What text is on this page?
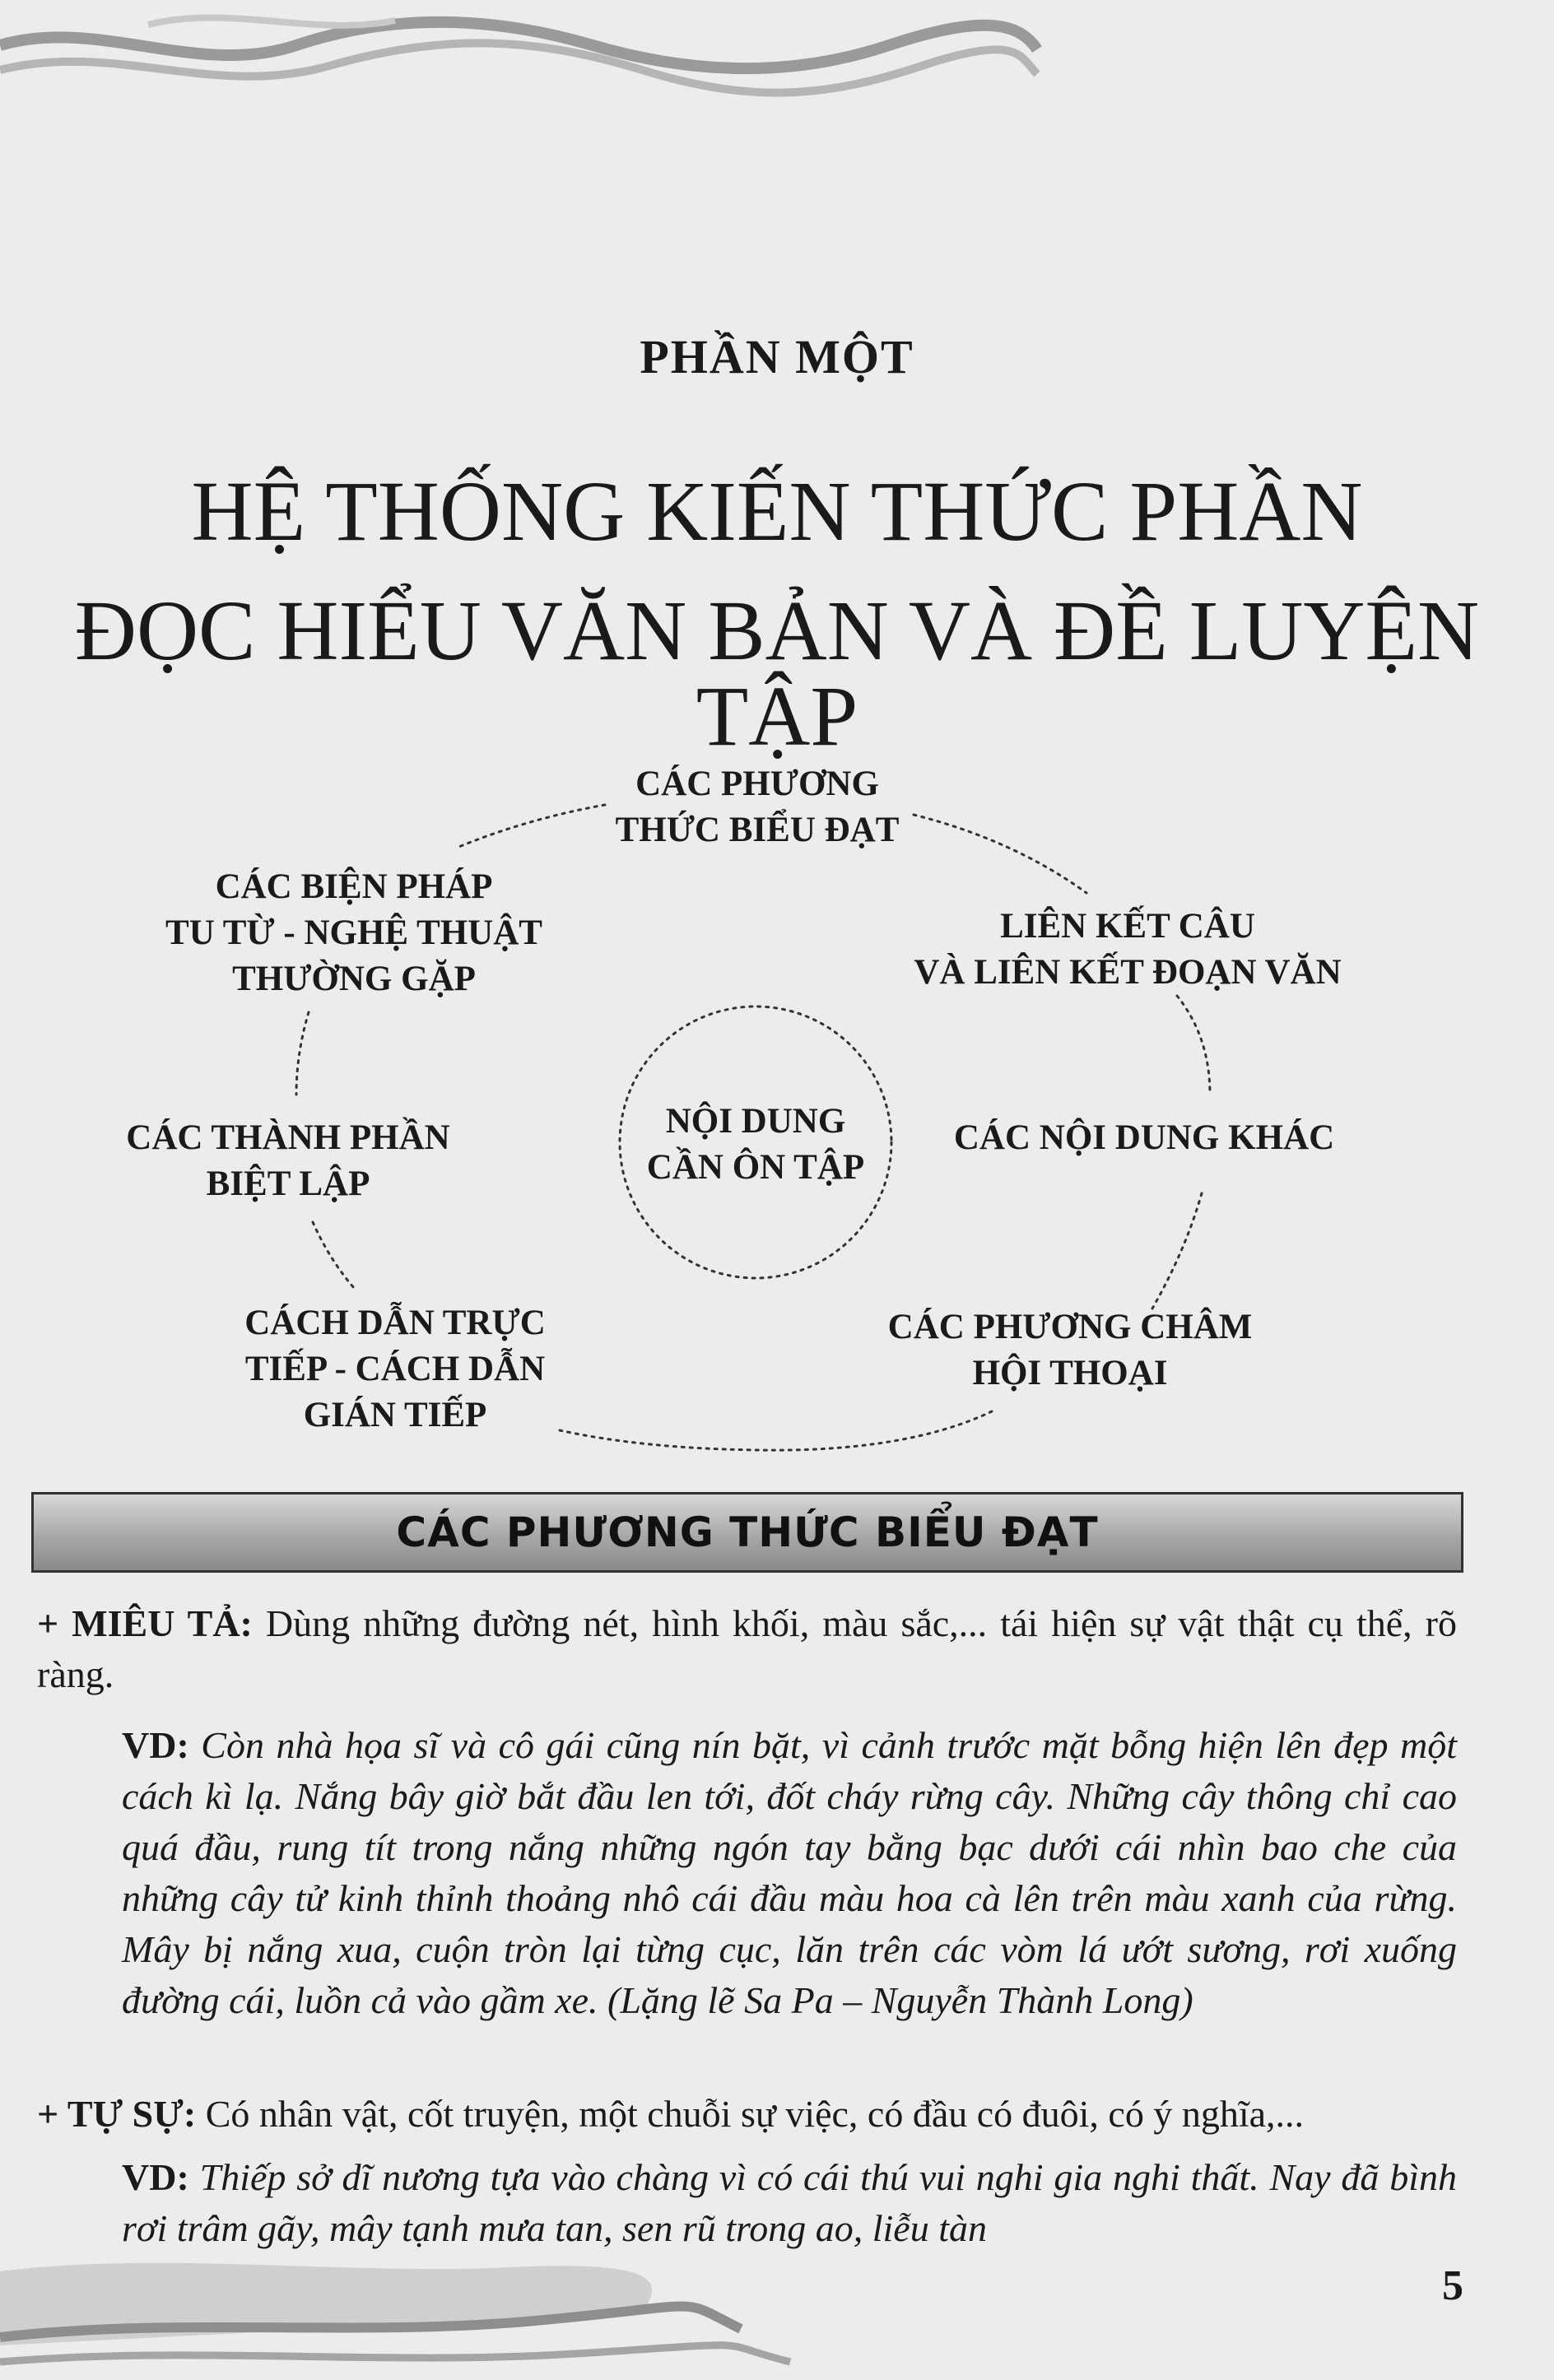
PHẦN MỘT
HỆ THỐNG KIẾN THỨC PHẦN
ĐỌC HIỂU VĂN BẢN VÀ ĐỀ LUYỆN TẬP
NỘI DUNG
CẦN ÔN TẬP
CÁC PHƯƠNG
THỨC BIỂU ĐẠT
LIÊN KẾT CÂU
VÀ LIÊN KẾT ĐOẠN VĂN
CÁC NỘI DUNG KHÁC
CÁC PHƯƠNG CHÂM
HỘI THOẠI
CÁCH DẪN TRỰC
TIẾP - CÁCH DẪN
GIÁN TIẾP
CÁC THÀNH PHẦN
BIỆT LẬP
CÁC BIỆN PHÁP
TU TỪ - NGHỆ THUẬT
THƯỜNG GẶP
CÁC PHƯƠNG THỨC BIỂU ĐẠT
+ MIÊU TẢ: Dùng những đường nét, hình khối, màu sắc,... tái hiện sự vật thật cụ thể, rõ ràng.
VD: Còn nhà họa sĩ và cô gái cũng nín bặt, vì cảnh trước mặt bỗng hiện lên đẹp một cách kì lạ. Nắng bây giờ bắt đầu len tới, đốt cháy rừng cây. Những cây thông chỉ cao quá đầu, rung tít trong nắng những ngón tay bằng bạc dưới cái nhìn bao che của những cây tử kinh thỉnh thoảng nhô cái đầu màu hoa cà lên trên màu xanh của rừng. Mây bị nắng xua, cuộn tròn lại từng cục, lăn trên các vòm lá ướt sương, rơi xuống đường cái, luồn cả vào gầm xe. (Lặng lẽ Sa Pa – Nguyễn Thành Long)
+ TỰ SỰ: Có nhân vật, cốt truyện, một chuỗi sự việc, có đầu có đuôi, có ý nghĩa,...
VD: Thiếp sở dĩ nương tựa vào chàng vì có cái thú vui nghi gia nghi thất. Nay đã bình rơi trâm gãy, mây tạnh mưa tan, sen rũ trong ao, liễu tàn
5
